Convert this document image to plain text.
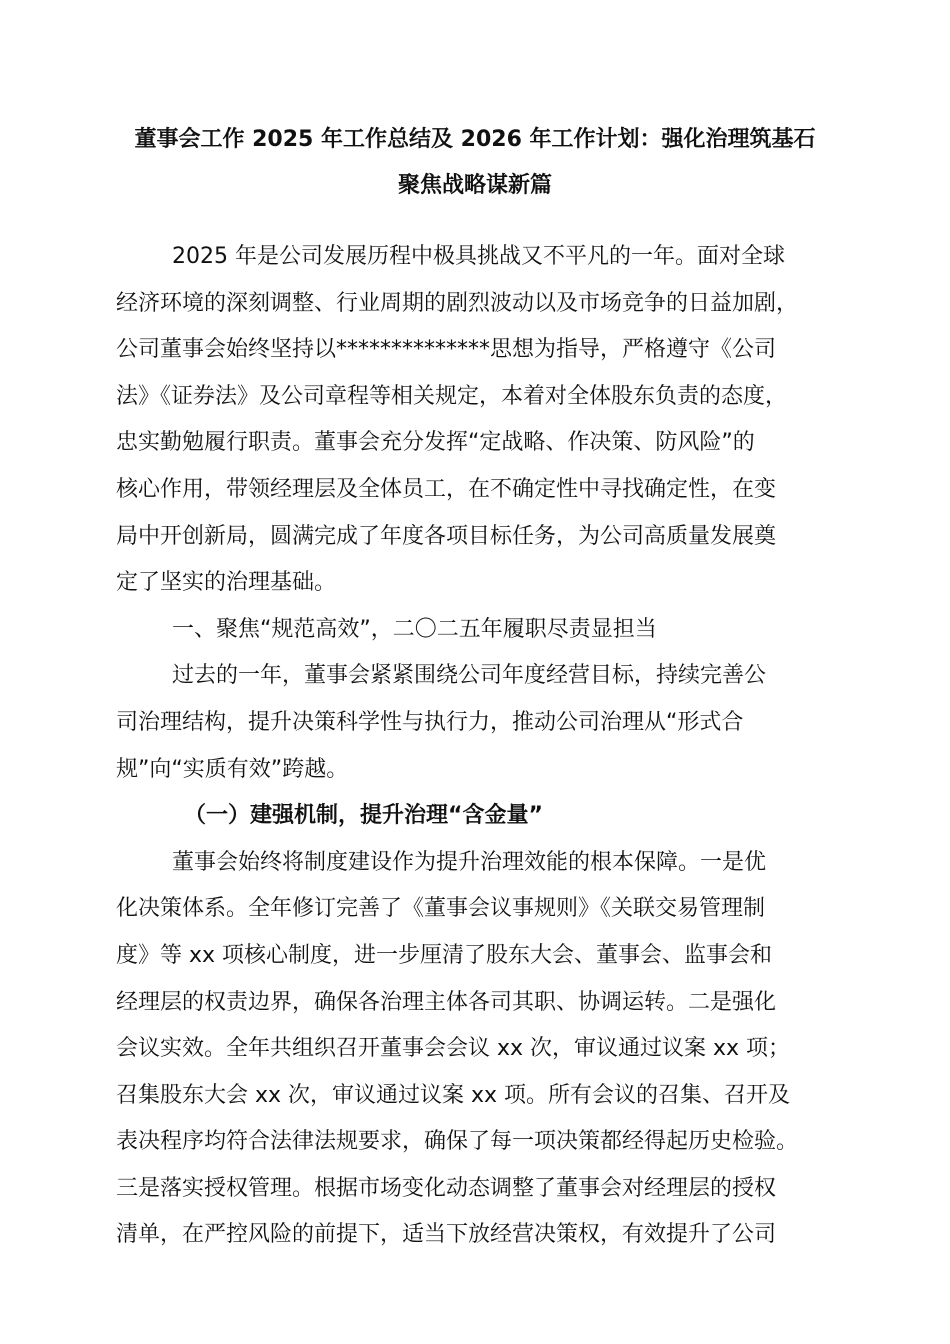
董事会工作 2025 年工作总结及 2026 年工作计划：强化治理筑基石
聚焦战略谋新篇
2025 年是公司发展历程中极具挑战又不平凡的一年。面对全球
经济环境的深刻调整、行业周期的剧烈波动以及市场竞争的日益加剧，
公司董事会始终坚持以**************思想为指导，严格遵守《公司
法》《证券法》及公司章程等相关规定，本着对全体股东负责的态度，
忠实勤勉履行职责。董事会充分发挥“定战略、作决策、防风险”的
核心作用，带领经理层及全体员工，在不确定性中寻找确定性，在变
局中开创新局，圆满完成了年度各项目标任务，为公司高质量发展奠
定了坚实的治理基础。
一、聚焦“规范高效”，二〇二五年履职尽责显担当
过去的一年，董事会紧紧围绕公司年度经营目标，持续完善公
司治理结构，提升决策科学性与执行力，推动公司治理从“形式合
规”向“实质有效”跨越。
（一）建强机制，提升治理“含金量”
董事会始终将制度建设作为提升治理效能的根本保障。一是优
化决策体系。全年修订完善了《董事会议事规则》《关联交易管理制
度》等 xx 项核心制度，进一步厘清了股东大会、董事会、监事会和
经理层的权责边界，确保各治理主体各司其职、协调运转。二是强化
会议实效。全年共组织召开董事会会议 xx 次，审议通过议案 xx 项；
召集股东大会 xx 次，审议通过议案 xx 项。所有会议的召集、召开及
表决程序均符合法律法规要求，确保了每一项决策都经得起历史检验。
三是落实授权管理。根据市场变化动态调整了董事会对经理层的授权
清单，在严控风险的前提下，适当下放经营决策权，有效提升了公司
